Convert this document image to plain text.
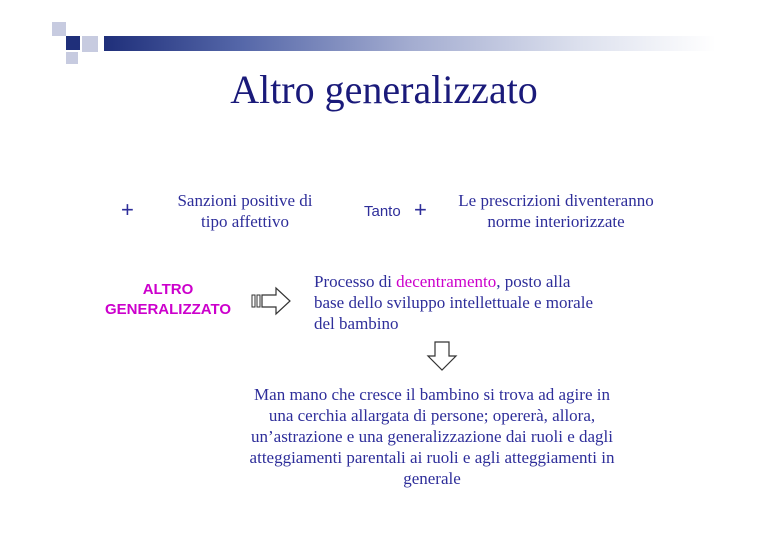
Altro generalizzato
+	Sanzioni positive di
tipo affettivo
Tanto +	Le prescrizioni diventeranno
norme interiorizzate
ALTRO
GENERALIZZATO
Processo di decentramento, posto alla
base dello sviluppo intellettuale e morale
del bambino
Man mano che cresce il bambino si trova ad agire in
una cerchia allargata di persone; opererà, allora,
un’astrazione e una generalizzazione dai ruoli e dagli
atteggiamenti parentali ai ruoli e agli atteggiamenti in
generale
